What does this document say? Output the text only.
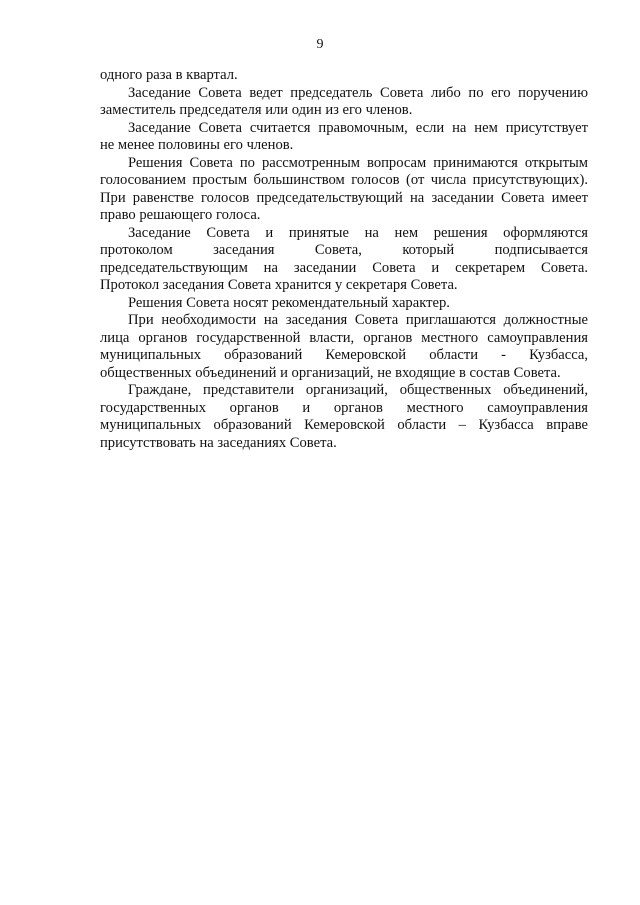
9
одного раза в квартал.
Заседание Совета ведет председатель Совета либо по его поручению
заместитель председателя или один из его членов.
Заседание Совета считается правомочным, если на нем присутствует
не менее половины его членов.
Решения Совета по рассмотренным вопросам принимаются открытым
голосованием простым большинством голосов (от числа присутствующих).
При равенстве голосов председательствующий на заседании Совета имеет
право решающего голоса.
Заседание Совета и принятые на нем решения оформляются
протоколом заседания Совета, который подписывается
председательствующим на заседании Совета и секретарем Совета.
Протокол заседания Совета хранится у секретаря Совета.
Решения Совета носят рекомендательный характер.
При необходимости на заседания Совета приглашаются должностные
лица органов государственной власти, органов местного самоуправления
муниципальных образований Кемеровской области - Кузбасса,
общественных объединений и организаций, не входящие в состав Совета.
Граждане, представители организаций, общественных объединений,
государственных органов и органов местного самоуправления
муниципальных образований Кемеровской области – Кузбасса вправе
присутствовать на заседаниях Совета.
